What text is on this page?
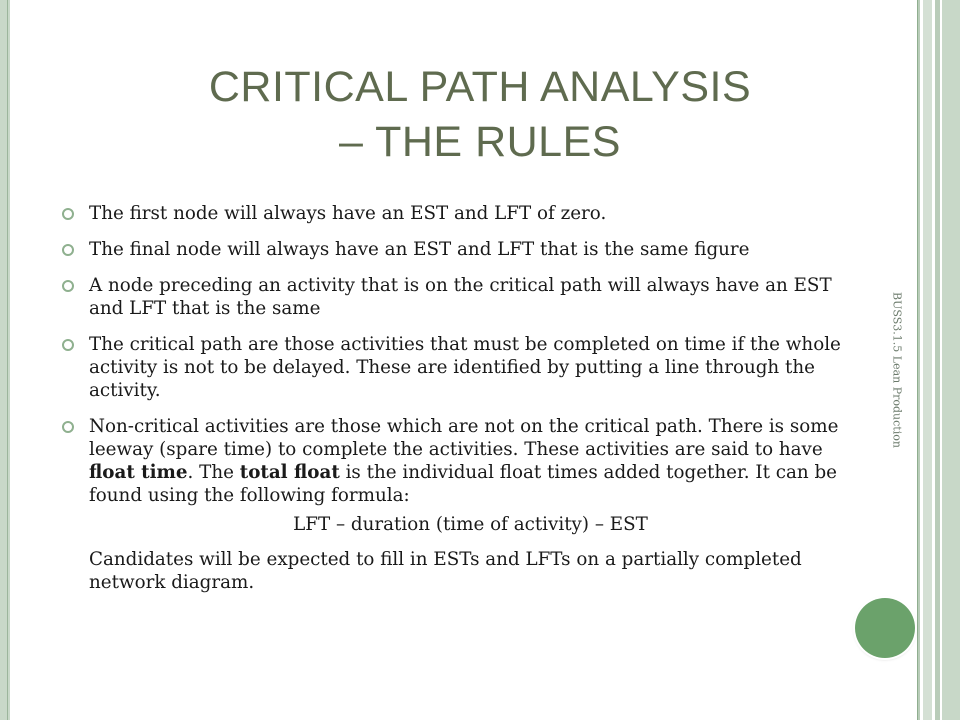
BUSS3.1.5 Lean Production
CRITICAL PATH ANALYSIS
– THE RULES
The first node will always have an EST and LFT of zero.
The final node will always have an EST and LFT that is the same figure
A node preceding an activity that is on the critical path will always have an EST and LFT that is the same
The critical path are those activities that must be completed on time if the whole activity is not to be delayed. These are identified by putting a line through the activity.
Non-critical activities are those which are not on the critical path. There is some leeway (spare time) to complete the activities. These activities are said to have float time. The total float is the individual float times added together. It can be found using the following formula:
LFT – duration (time of activity) – EST
Candidates will be expected to fill in ESTs and LFTs on a partially completed network diagram.
